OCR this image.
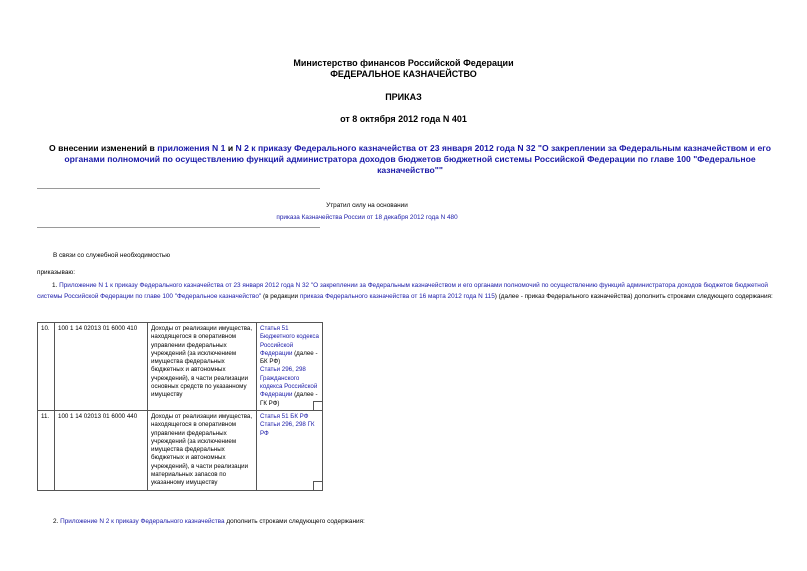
Министерство финансов Российской Федерации
ФЕДЕРАЛЬНОЕ КАЗНАЧЕЙСТВО
ПРИКАЗ
от 8 октября 2012 года N 401
О внесении изменений в приложения N 1 и N 2 к приказу Федерального казначейства от 23 января 2012 года N 32 "О закреплении за Федеральным казначейством и его органами полномочий по осуществлению функций администратора доходов бюджетов бюджетной системы Российской Федерации по главе 100 "Федеральное казначейство""
Утратил силу на основании
приказа Казначейства России от 18 декабря 2012 года N 480
В связи со служебной необходимостью
приказываю:
1. Приложение N 1 к приказу Федерального казначейства от 23 января 2012 года N 32 "О закреплении за Федеральным казначейством и его органами полномочий по осуществлению функций администратора доходов бюджетов бюджетной системы Российской Федерации по главе 100 "Федеральное казначейство" (в редакции приказа Федерального казначейства от 16 марта 2012 года N 115) (далее - приказ Федерального казначейства) дополнить строками следующего содержания:
10.	100 1 14 02013 01 6000 410	Доходы от реализации имущества, находящегося в оперативном управлении федеральных учреждений (за исключением имущества федеральных бюджетных и автономных учреждений), в части реализации основных средств по указанному имуществу	Статья 51 Бюджетного кодекса Российской Федерации (далее - БК РФ)
Статьи 296, 298 Гражданского кодекса Российской Федерации (далее - ГК РФ)

11.	100 1 14 02013 01 6000 440	Доходы от реализации имущества, находящегося в оперативном управлении федеральных учреждений (за исключением имущества федеральных бюджетных и автономных учреждений), в части реализации материальных запасов по указанному имуществу	Статья 51 БК РФ
Статьи 296, 298 ГК РФ
2. Приложение N 2 к приказу Федерального казначейства дополнить строками следующего содержания:
